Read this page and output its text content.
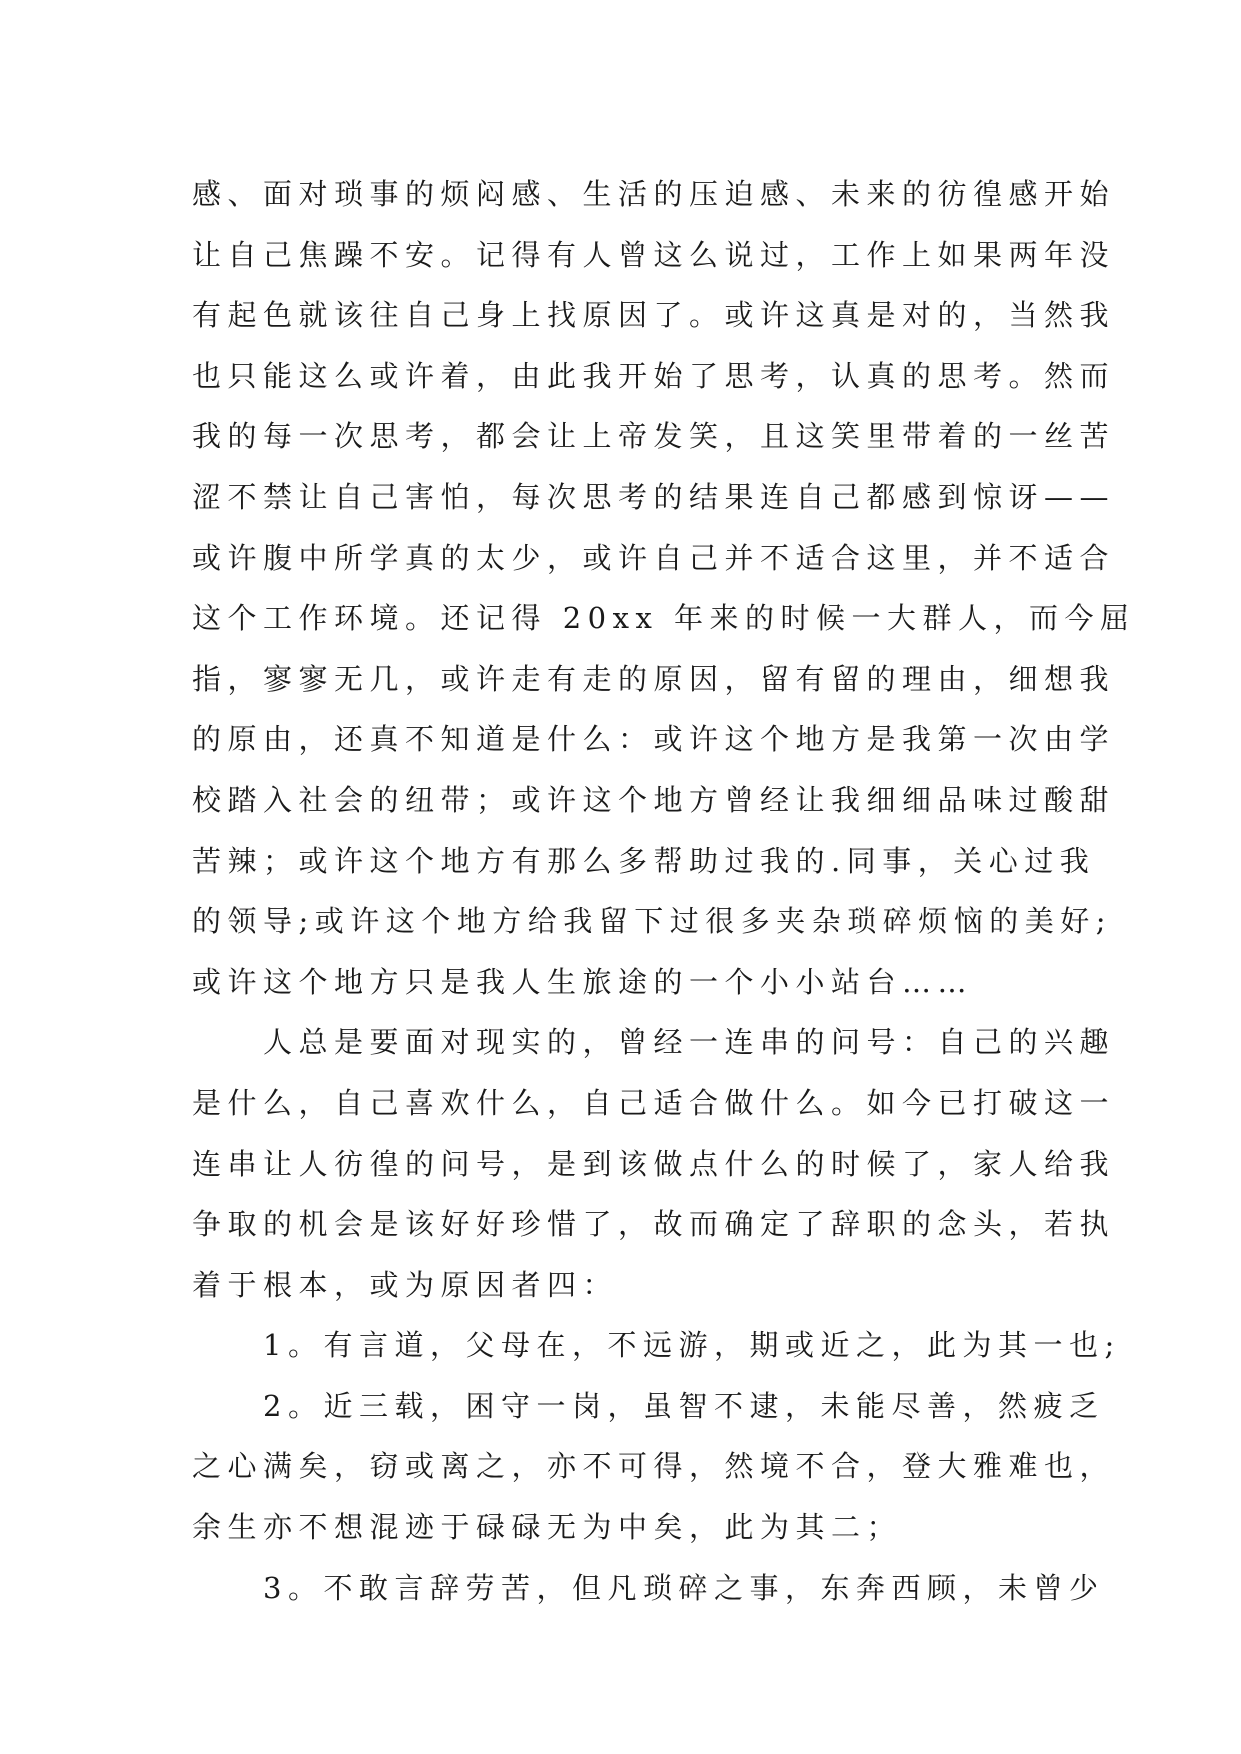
感、面对琐事的烦闷感、生活的压迫感、未来的彷徨感开始
让自己焦躁不安。记得有人曾这么说过，工作上如果两年没
有起色就该往自己身上找原因了。或许这真是对的，当然我
也只能这么或许着，由此我开始了思考，认真的思考。然而
我的每一次思考，都会让上帝发笑，且这笑里带着的一丝苦
涩不禁让自己害怕，每次思考的结果连自己都感到惊讶——
或许腹中所学真的太少，或许自己并不适合这里，并不适合
这个工作环境。还记得 20xx 年来的时候一大群人，而今屈
指，寥寥无几，或许走有走的原因，留有留的理由，细想我
的原由，还真不知道是什么：或许这个地方是我第一次由学
校踏入社会的纽带；或许这个地方曾经让我细细品味过酸甜
苦辣；或许这个地方有那么多帮助过我的.同事，关心过我
的领导;或许这个地方给我留下过很多夹杂琐碎烦恼的美好;
或许这个地方只是我人生旅途的一个小小站台……
　　人总是要面对现实的，曾经一连串的问号：自己的兴趣
是什么，自己喜欢什么，自己适合做什么。如今已打破这一
连串让人彷徨的问号，是到该做点什么的时候了，家人给我
争取的机会是该好好珍惜了，故而确定了辞职的念头，若执
着于根本，或为原因者四：
　　1。有言道，父母在，不远游，期或近之，此为其一也;
　　2。近三载，困守一岗，虽智不逮，未能尽善，然疲乏
之心满矣，窃或离之，亦不可得，然境不合，登大雅难也，
余生亦不想混迹于碌碌无为中矣，此为其二；
　　3。不敢言辞劳苦，但凡琐碎之事，东奔西顾，未曾少
